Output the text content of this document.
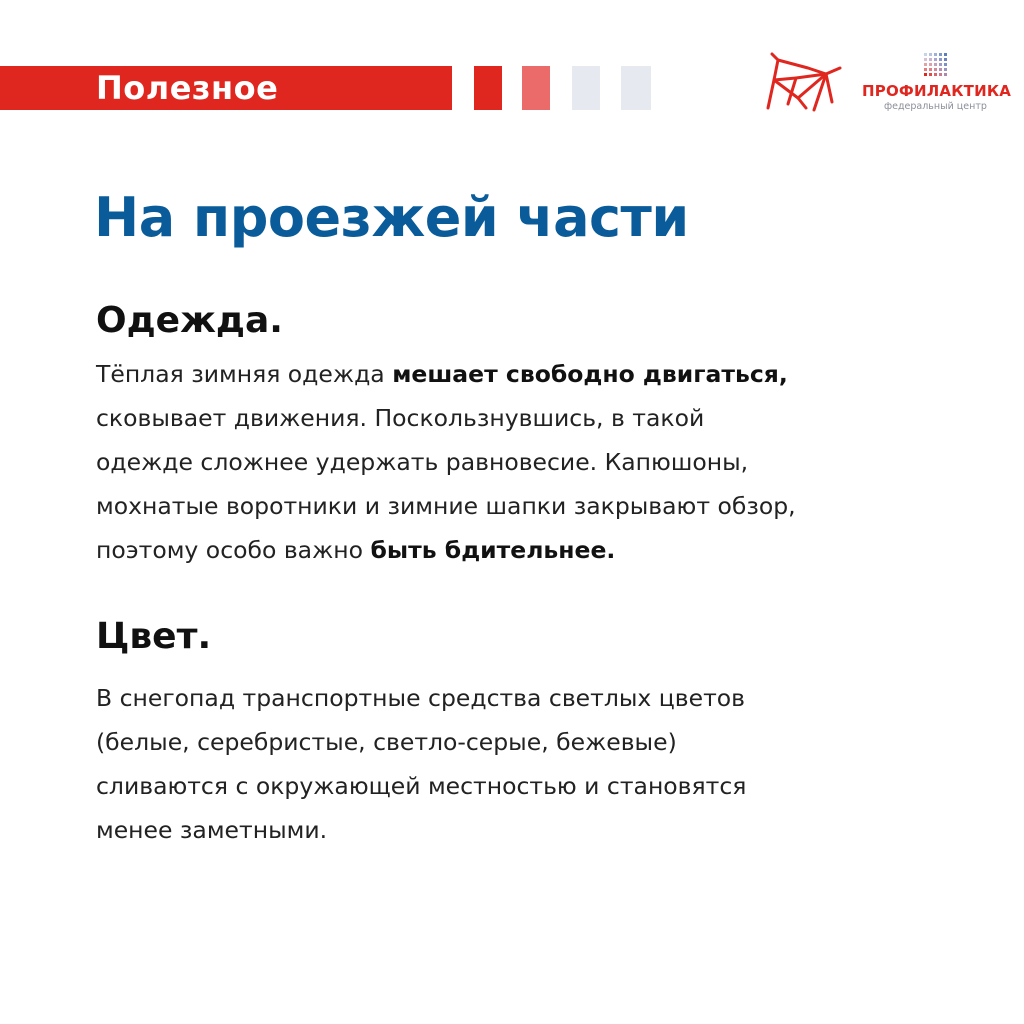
Полезное	ПРОФИЛАКТИКА
федеральный центр
На проезжей части
Одежда.
Тёплая зимняя одежда мешает свободно двигаться,
сковывает движения. Поскользнувшись, в такой
одежде сложнее удержать равновесие. Капюшоны,
мохнатые воротники и зимние шапки закрывают обзор,
поэтому особо важно быть бдительнее.
Цвет.
В снегопад транспортные средства светлых цветов
(белые, серебристые, светло-серые, бежевые)
сливаются с окружающей местностью и становятся
менее заметными.
